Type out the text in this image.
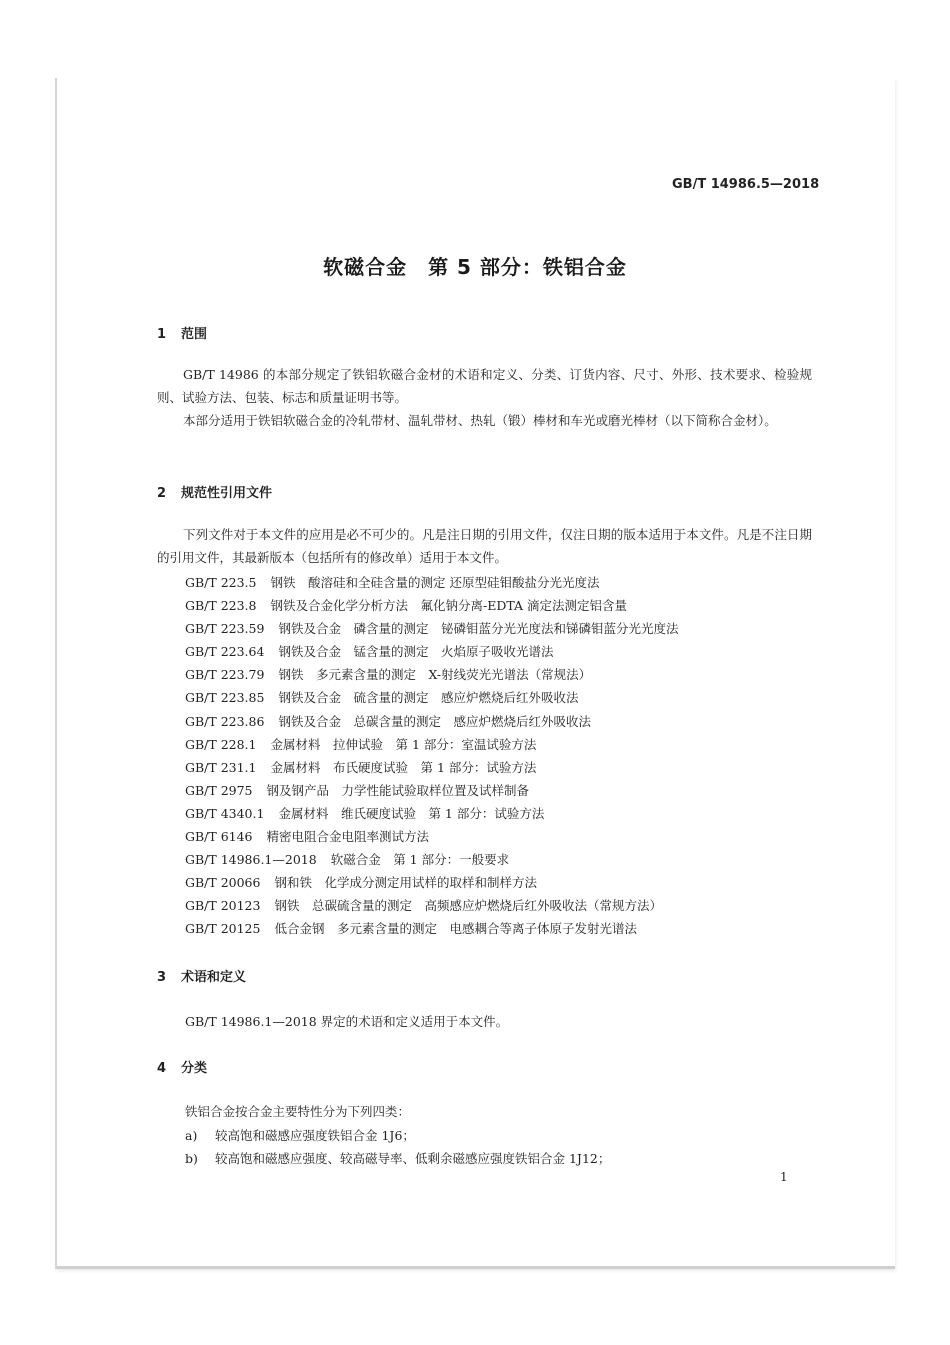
GB/T 14986.5—2018
软磁合金　第 5 部分：铁铝合金
1 范围
GB/T 14986 的本部分规定了铁铝软磁合金材的术语和定义、分类、订货内容、尺寸、外形、技术要求、检验规则、试验方法、包装、标志和质量证明书等。
本部分适用于铁铝软磁合金的冷轧带材、温轧带材、热轧（锻）棒材和车光或磨光棒材（以下简称合金材）。
2 规范性引用文件
下列文件对于本文件的应用是必不可少的。凡是注日期的引用文件，仅注日期的版本适用于本文件。凡是不注日期的引用文件，其最新版本（包括所有的修改单）适用于本文件。
GB/T 223.5 钢铁　酸溶硅和全硅含量的测定 还原型硅钼酸盐分光光度法
GB/T 223.8 钢铁及合金化学分析方法　氟化钠分离-EDTA 滴定法测定铝含量
GB/T 223.59 钢铁及合金　磷含量的测定　铋磷钼蓝分光光度法和锑磷钼蓝分光光度法
GB/T 223.64 钢铁及合金　锰含量的测定　火焰原子吸收光谱法
GB/T 223.79 钢铁　多元素含量的测定　X-射线荧光光谱法（常规法）
GB/T 223.85 钢铁及合金　硫含量的测定　感应炉燃烧后红外吸收法
GB/T 223.86 钢铁及合金　总碳含量的测定　感应炉燃烧后红外吸收法
GB/T 228.1 金属材料　拉伸试验　第 1 部分：室温试验方法
GB/T 231.1 金属材料　布氏硬度试验　第 1 部分：试验方法
GB/T 2975 钢及钢产品　力学性能试验取样位置及试样制备
GB/T 4340.1 金属材料　维氏硬度试验　第 1 部分：试验方法
GB/T 6146 精密电阻合金电阻率测试方法
GB/T 14986.1—2018 软磁合金　第 1 部分：一般要求
GB/T 20066 钢和铁　化学成分测定用试样的取样和制样方法
GB/T 20123 钢铁　总碳硫含量的测定　高频感应炉燃烧后红外吸收法（常规方法）
GB/T 20125 低合金钢　多元素含量的测定　电感耦合等离子体原子发射光谱法
3 术语和定义
GB/T 14986.1—2018 界定的术语和定义适用于本文件。
4 分类
铁铝合金按合金主要特性分为下列四类：
a) 较高饱和磁感应强度铁铝合金 1J6；
b) 较高饱和磁感应强度、较高磁导率、低剩余磁感应强度铁铝合金 1J12；
1
